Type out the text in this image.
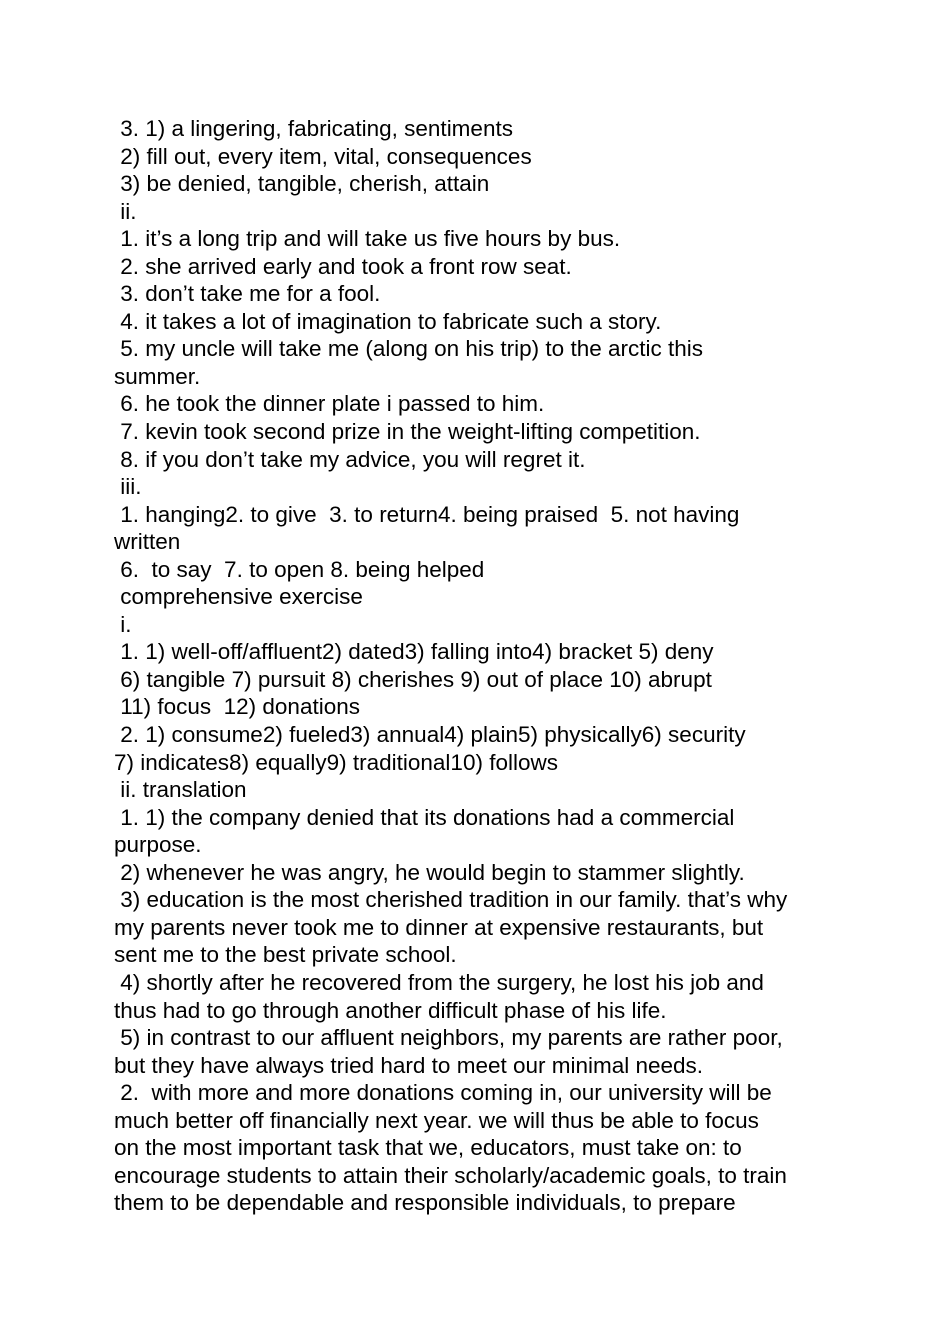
3. 1) a lingering, fabricating, sentiments
2) fill out, every item, vital, consequences
3) be denied, tangible, cherish, attain
ii.
1. it’s a long trip and will take us five hours by bus.
2. she arrived early and took a front row seat.
3. don’t take me for a fool.
4. it takes a lot of imagination to fabricate such a story.
5. my uncle will take me (along on his trip) to the arctic this
summer.
6. he took the dinner plate i passed to him.
7. kevin took second prize in the weight-lifting competition.
8. if you don’t take my advice, you will regret it.
iii.
1. hanging2. to give  3. to return4. being praised  5. not having
written
6.  to say  7. to open 8. being helped
comprehensive exercise
i.
1. 1) well-off/affluent2) dated3) falling into4) bracket 5) deny
6) tangible 7) pursuit 8) cherishes 9) out of place 10) abrupt
11) focus  12) donations
2. 1) consume2) fueled3) annual4) plain5) physically6) security
7) indicates8) equally9) traditional10) follows
ii. translation
1. 1) the company denied that its donations had a commercial
purpose.
2) whenever he was angry, he would begin to stammer slightly.
3) education is the most cherished tradition in our family. that’s why
my parents never took me to dinner at expensive restaurants, but
sent me to the best private school.
4) shortly after he recovered from the surgery, he lost his job and
thus had to go through another difficult phase of his life.
5) in contrast to our affluent neighbors, my parents are rather poor,
but they have always tried hard to meet our minimal needs.
2.  with more and more donations coming in, our university will be
much better off financially next year. we will thus be able to focus
on the most important task that we, educators, must take on: to
encourage students to attain their scholarly/academic goals, to train
them to be dependable and responsible individuals, to prepare
